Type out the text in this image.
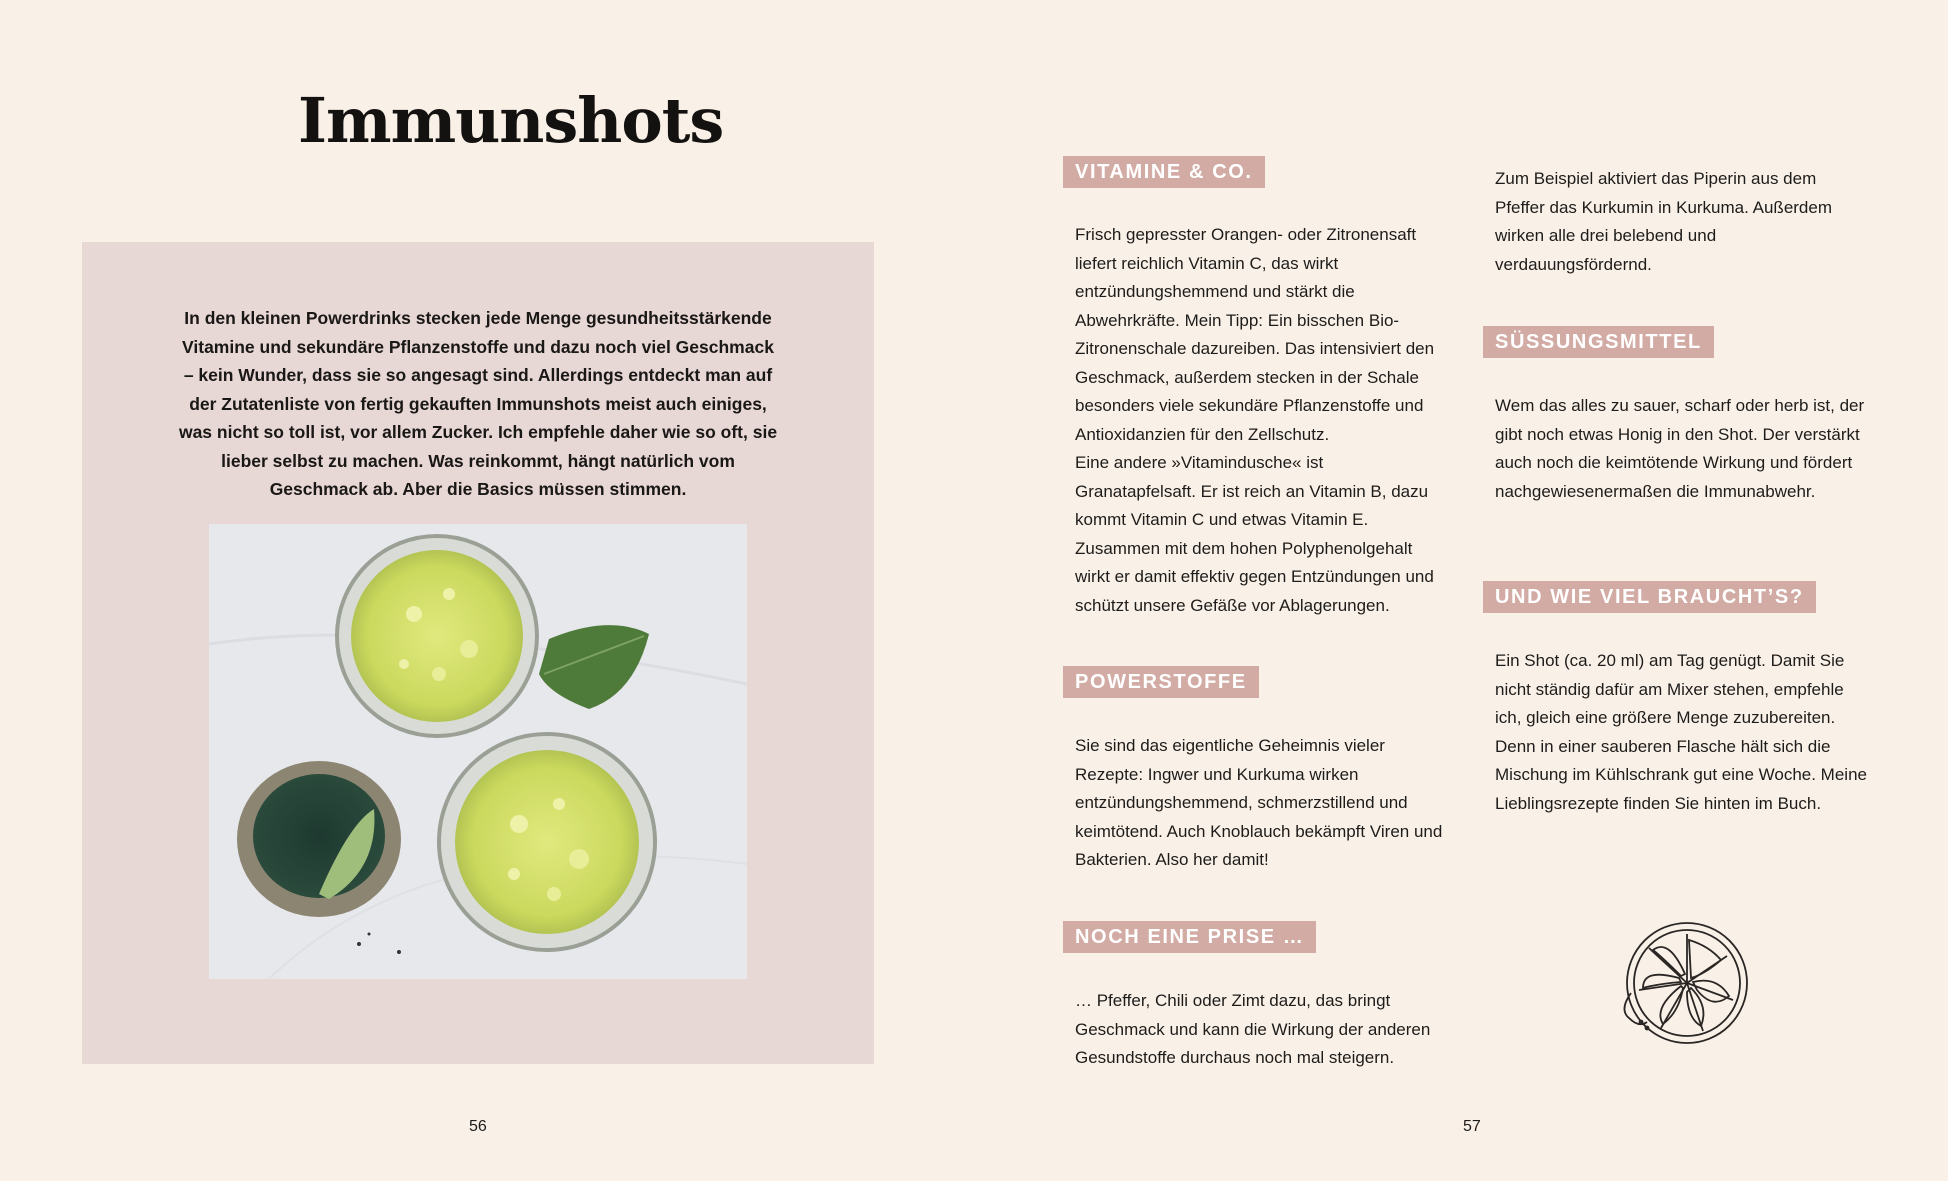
Immunshots

In den kleinen Powerdrinks stecken jede Menge gesundheitsstärkende Vitamine und sekundäre Pflanzenstoffe und dazu noch viel Geschmack – kein Wunder, dass sie so angesagt sind. Allerdings entdeckt man auf der Zutatenliste von fertig gekauften Immunshots meist auch einiges, was nicht so toll ist, vor allem Zucker. Ich empfehle daher wie so oft, sie lieber selbst zu machen. Was reinkommt, hängt natürlich vom Geschmack ab. Aber die Basics müssen stimmen.

56
VITAMINE & CO.

Frisch gepresster Orangen- oder Zitronensaft liefert reichlich Vitamin C, das wirkt entzündungshemmend und stärkt die Abwehrkräfte. Mein Tipp: Ein bisschen Bio-Zitronenschale dazureiben. Das intensiviert den Geschmack, außerdem stecken in der Schale besonders viele sekundäre Pflanzenstoffe und Antioxidanzien für den Zellschutz.

Eine andere »Vitamindusche« ist Granatapfelsaft. Er ist reich an Vitamin B, dazu kommt Vitamin C und etwas Vitamin E. Zusammen mit dem hohen Polyphenolgehalt wirkt er damit effektiv gegen Entzündungen und schützt unsere Gefäße vor Ablagerungen.

POWERSTOFFE

Sie sind das eigentliche Geheimnis vieler Rezepte: Ingwer und Kurkuma wirken entzündungshemmend, schmerzstillend und keimtötend. Auch Knoblauch bekämpft Viren und Bakterien. Also her damit!

NOCH EINE PRISE …

… Pfeffer, Chili oder Zimt dazu, das bringt Geschmack und kann die Wirkung der anderen Gesundstoffe durchaus noch mal steigern.

Zum Beispiel aktiviert das Piperin aus dem Pfeffer das Kurkumin in Kurkuma. Außerdem wirken alle drei belebend und verdauungsfördernd.

SÜSSUNGSMITTEL

Wem das alles zu sauer, scharf oder herb ist, der gibt noch etwas Honig in den Shot. Der verstärkt auch noch die keimtötende Wirkung und fördert nachgewiesenermaßen die Immunabwehr.

UND WIE VIEL BRAUCHT’S?

Ein Shot (ca. 20 ml) am Tag genügt. Damit Sie nicht ständig dafür am Mixer stehen, empfehle ich, gleich eine größere Menge zuzubereiten. Denn in einer sauberen Flasche hält sich die Mischung im Kühlschrank gut eine Woche. Meine Lieblingsrezepte finden Sie hinten im Buch.

57
